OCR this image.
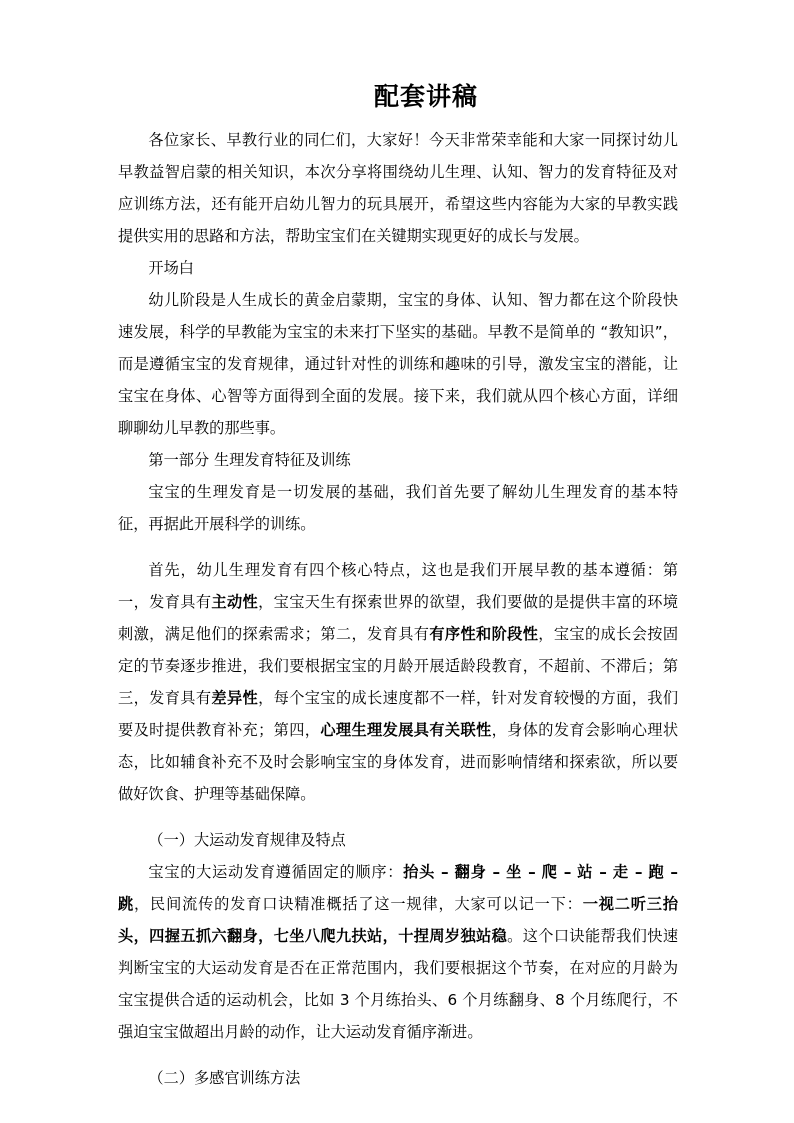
配套讲稿

各位家长、早教行业的同仁们，大家好！今天非常荣幸能和大家一同探讨幼儿早教益智启蒙的相关知识，本次分享将围绕幼儿生理、认知、智力的发育特征及对应训练方法，还有能开启幼儿智力的玩具展开，希望这些内容能为大家的早教实践提供实用的思路和方法，帮助宝宝们在关键期实现更好的成长与发展。

开场白

幼儿阶段是人生成长的黄金启蒙期，宝宝的身体、认知、智力都在这个阶段快速发展，科学的早教能为宝宝的未来打下坚实的基础。早教不是简单的 “教知识”，而是遵循宝宝的发育规律，通过针对性的训练和趣味的引导，激发宝宝的潜能，让宝宝在身体、心智等方面得到全面的发展。接下来，我们就从四个核心方面，详细聊聊幼儿早教的那些事。

第一部分 生理发育特征及训练

宝宝的生理发育是一切发展的基础，我们首先要了解幼儿生理发育的基本特征，再据此开展科学的训练。

首先，幼儿生理发育有四个核心特点，这也是我们开展早教的基本遵循：第一，发育具有主动性，宝宝天生有探索世界的欲望，我们要做的是提供丰富的环境刺激，满足他们的探索需求；第二，发育具有有序性和阶段性，宝宝的成长会按固定的节奏逐步推进，我们要根据宝宝的月龄开展适龄段教育，不超前、不滞后；第三，发育具有差异性，每个宝宝的成长速度都不一样，针对发育较慢的方面，我们要及时提供教育补充；第四，心理生理发展具有关联性，身体的发育会影响心理状态，比如辅食补充不及时会影响宝宝的身体发育，进而影响情绪和探索欲，所以要做好饮食、护理等基础保障。

（一）大运动发育规律及特点

宝宝的大运动发育遵循固定的顺序：抬头 – 翻身 – 坐 – 爬 – 站 – 走 – 跑 – 跳，民间流传的发育口诀精准概括了这一规律，大家可以记一下：一视二听三抬头，四握五抓六翻身，七坐八爬九扶站，十捏周岁独站稳。这个口诀能帮我们快速判断宝宝的大运动发育是否在正常范围内，我们要根据这个节奏，在对应的月龄为宝宝提供合适的运动机会，比如 3 个月练抬头、6 个月练翻身、8 个月练爬行，不强迫宝宝做超出月龄的动作，让大运动发育循序渐进。

（二）多感官训练方法
